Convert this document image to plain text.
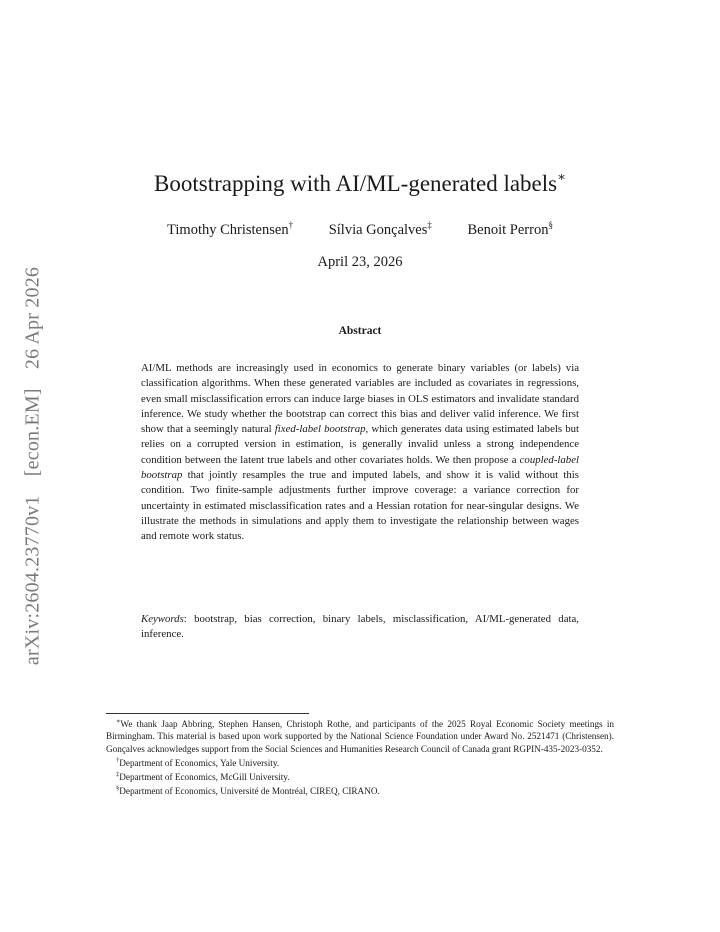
arXiv:2604.23770v1 [econ.EM] 26 Apr 2026
Bootstrapping with AI/ML-generated labels∗
Timothy Christensen† Sílvia Gonçalves‡ Benoit Perron§
April 23, 2026
Abstract
AI/ML methods are increasingly used in economics to generate binary variables (or labels) via classification algorithms. When these generated variables are included as covariates in regressions, even small misclassification errors can induce large biases in OLS estimators and invalidate standard inference. We study whether the bootstrap can correct this bias and deliver valid inference. We first show that a seemingly natural fixed-label bootstrap, which generates data using estimated labels but relies on a corrupted version in estimation, is generally invalid unless a strong independence condition between the latent true labels and other covariates holds. We then propose a coupled-label bootstrap that jointly resamples the true and imputed labels, and show it is valid without this condition. Two finite-sample adjustments further improve coverage: a variance correction for uncertainty in estimated misclassification rates and a Hessian rotation for near-singular designs. We illustrate the methods in simulations and apply them to investigate the relationship between wages and remote work status.
Keywords: bootstrap, bias correction, binary labels, misclassification, AI/ML-generated data, inference.

∗We thank Jaap Abbring, Stephen Hansen, Christoph Rothe, and participants of the 2025 Royal Economic Society meetings in Birmingham. This material is based upon work supported by the National Science Foundation under Award No. 2521471 (Christensen). Gonçalves acknowledges support from the Social Sciences and Humanities Research Council of Canada grant RGPIN-435-2023-0352.

†Department of Economics, Yale University.

‡Department of Economics, McGill University.

§Department of Economics, Université de Montréal, CIREQ, CIRANO.
